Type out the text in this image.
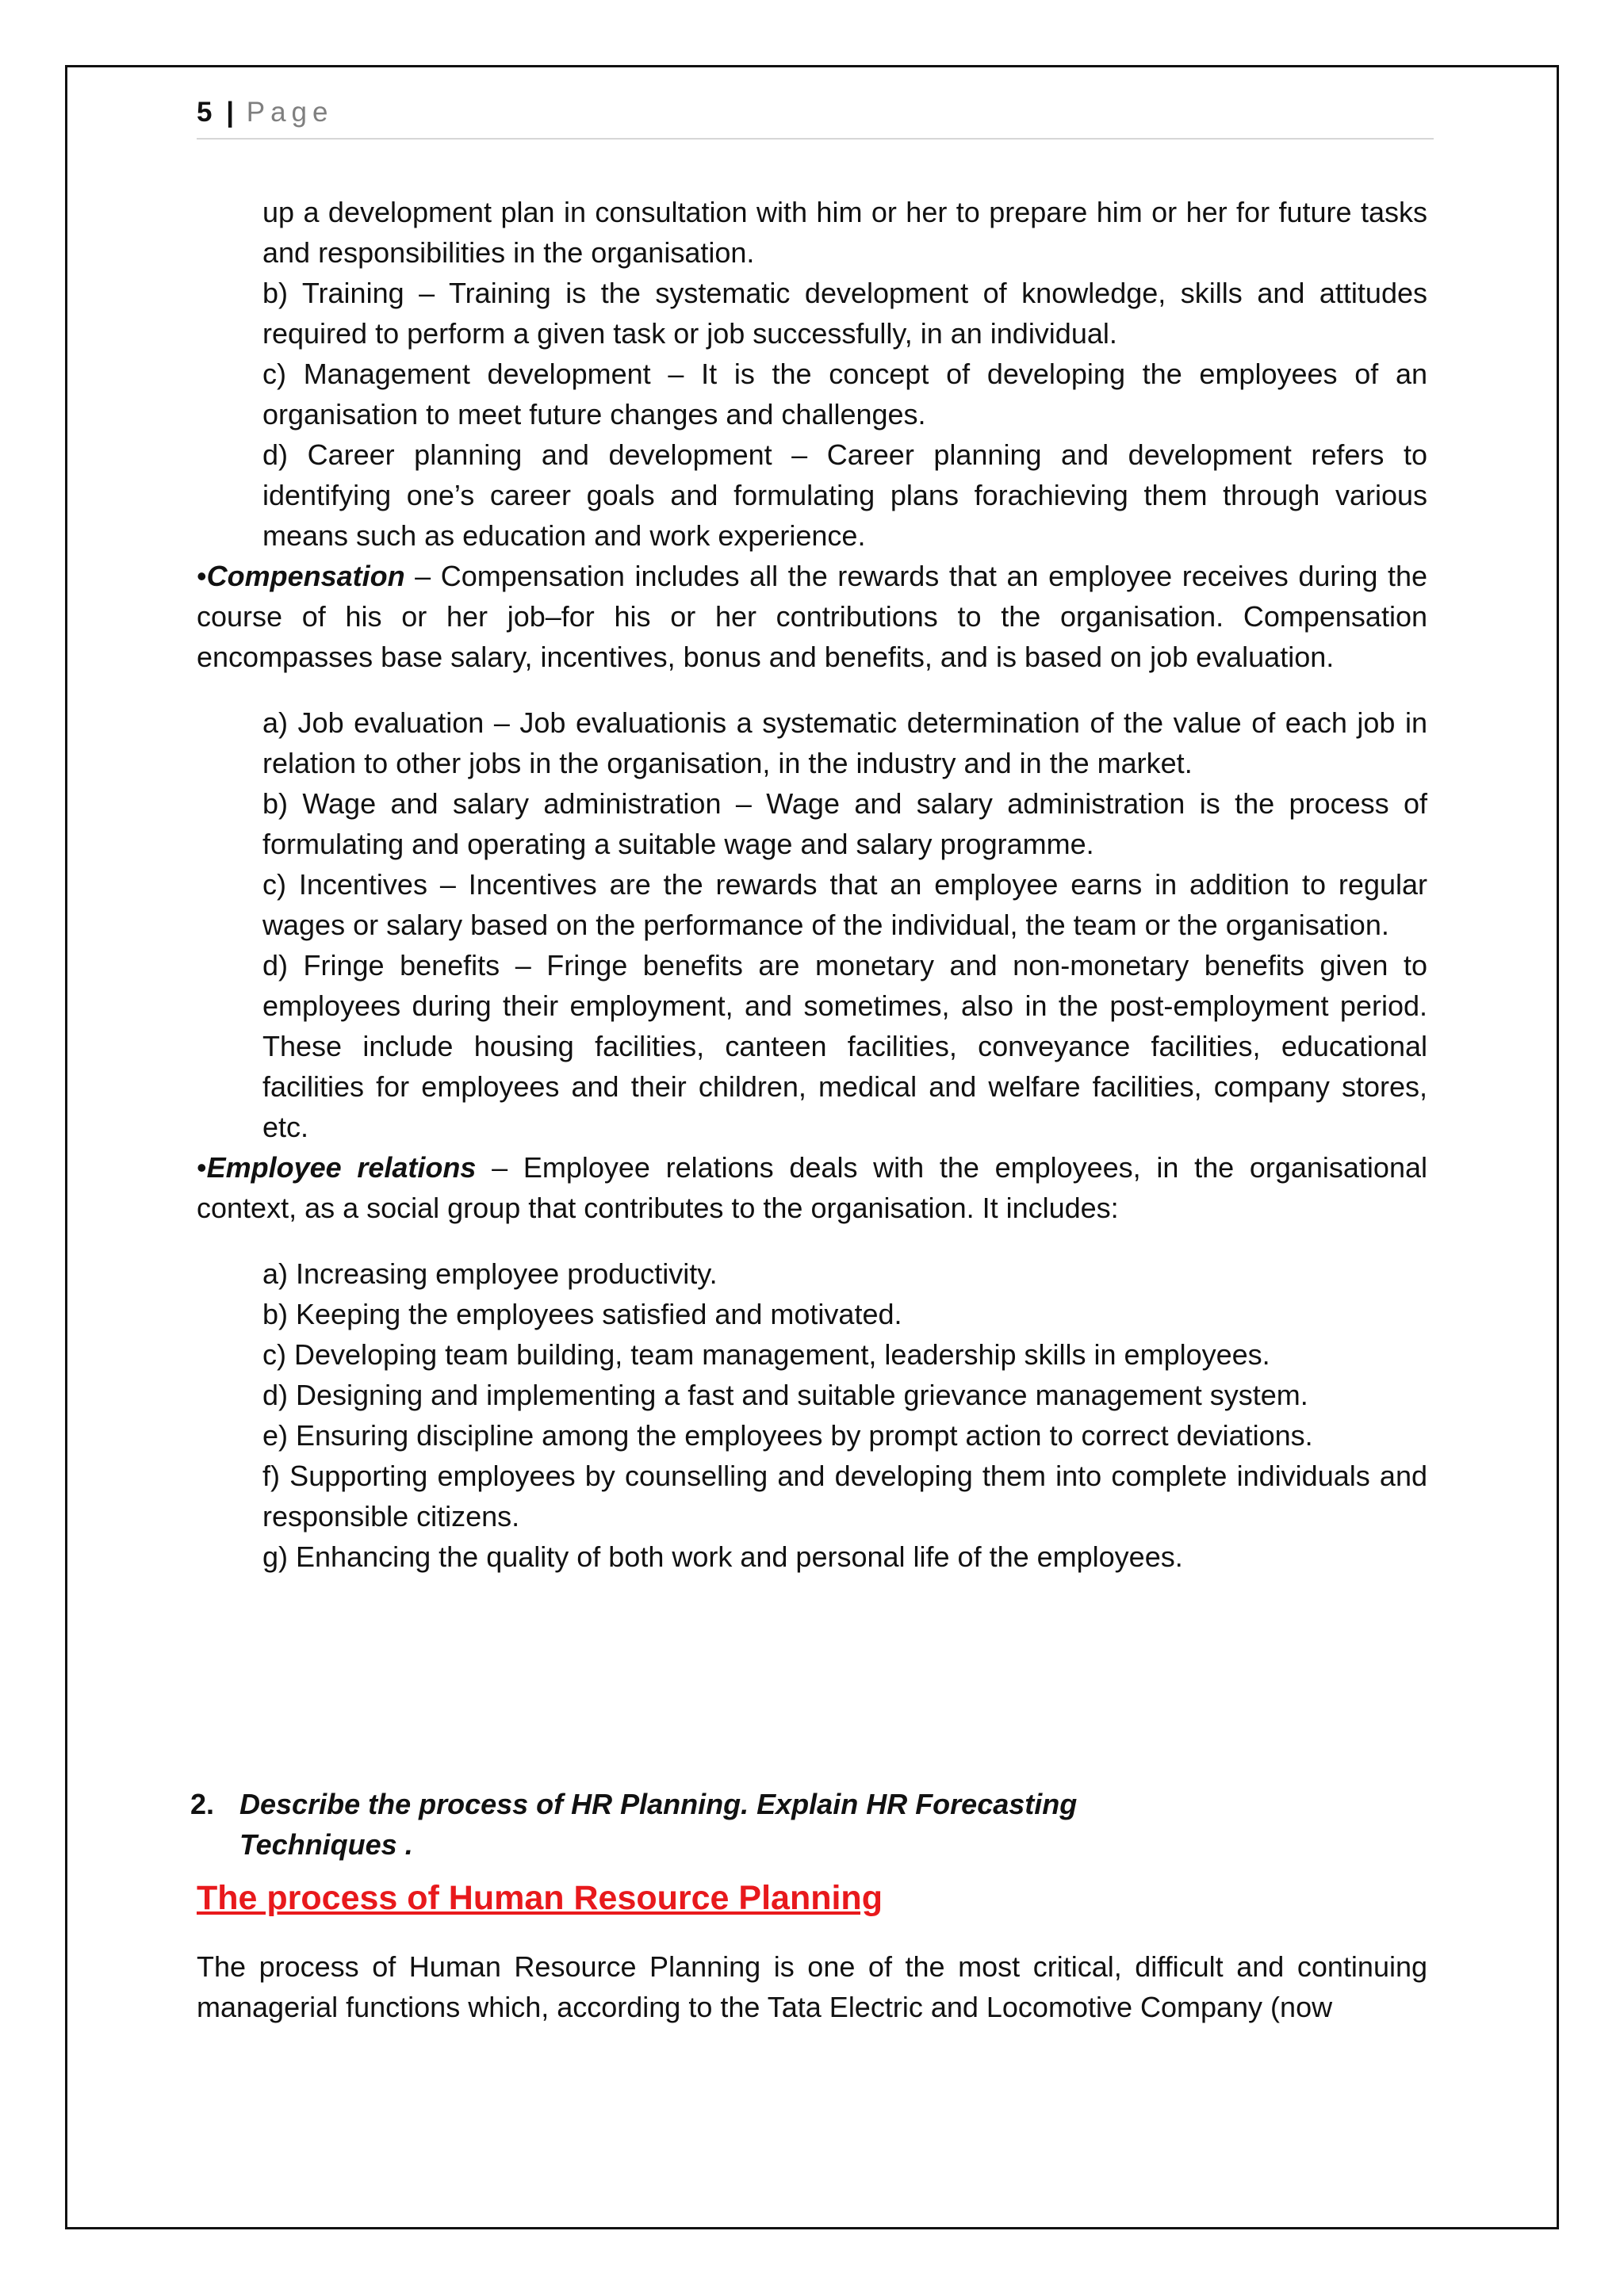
5 | Page

up a development plan in consultation with him or her to prepare him or her for future tasks and responsibilities in the organisation.

b) Training – Training is the systematic development of knowledge, skills and attitudes required to perform a given task or job successfully, in an individual.

c) Management development – It is the concept of developing the employees of an organisation to meet future changes and challenges.

d) Career planning and development – Career planning and development refers to identifying one’s career goals and formulating plans forachieving them through various means such as education and work experience.

•Compensation – Compensation includes all the rewards that an employee receives during the course of his or her job–for his or her contributions to the organisation. Compensation encompasses base salary, incentives, bonus and benefits, and is based on job evaluation.

a) Job evaluation – Job evaluationis a systematic determination of the value of each job in relation to other jobs in the organisation, in the industry and in the market.

b) Wage and salary administration – Wage and salary administration is the process of formulating and operating a suitable wage and salary programme.

c) Incentives – Incentives are the rewards that an employee earns in addition to regular wages or salary based on the performance of the individual, the team or the organisation.

d) Fringe benefits – Fringe benefits are monetary and non-monetary benefits given to employees during their employment, and sometimes, also in the post-employment period. These include housing facilities, canteen facilities, conveyance facilities, educational facilities for employees and their children, medical and welfare facilities, company stores, etc.

•Employee relations – Employee relations deals with the employees, in the organisational context, as a social group that contributes to the organisation. It includes:

a) Increasing employee productivity.

b) Keeping the employees satisfied and motivated.

c) Developing team building, team management, leadership skills in employees.

d) Designing and implementing a fast and suitable grievance management system.

e) Ensuring discipline among the employees by prompt action to correct deviations.

f) Supporting employees by counselling and developing them into complete individuals and responsible citizens.

g) Enhancing the quality of both work and personal life of the employees.

2. Describe the process of HR Planning. Explain HR Forecasting
Techniques .
The process of Human Resource Planning

The process of Human Resource Planning is one of the most critical, difficult and continuing managerial functions which, according to the Tata Electric and Locomotive Company (now
